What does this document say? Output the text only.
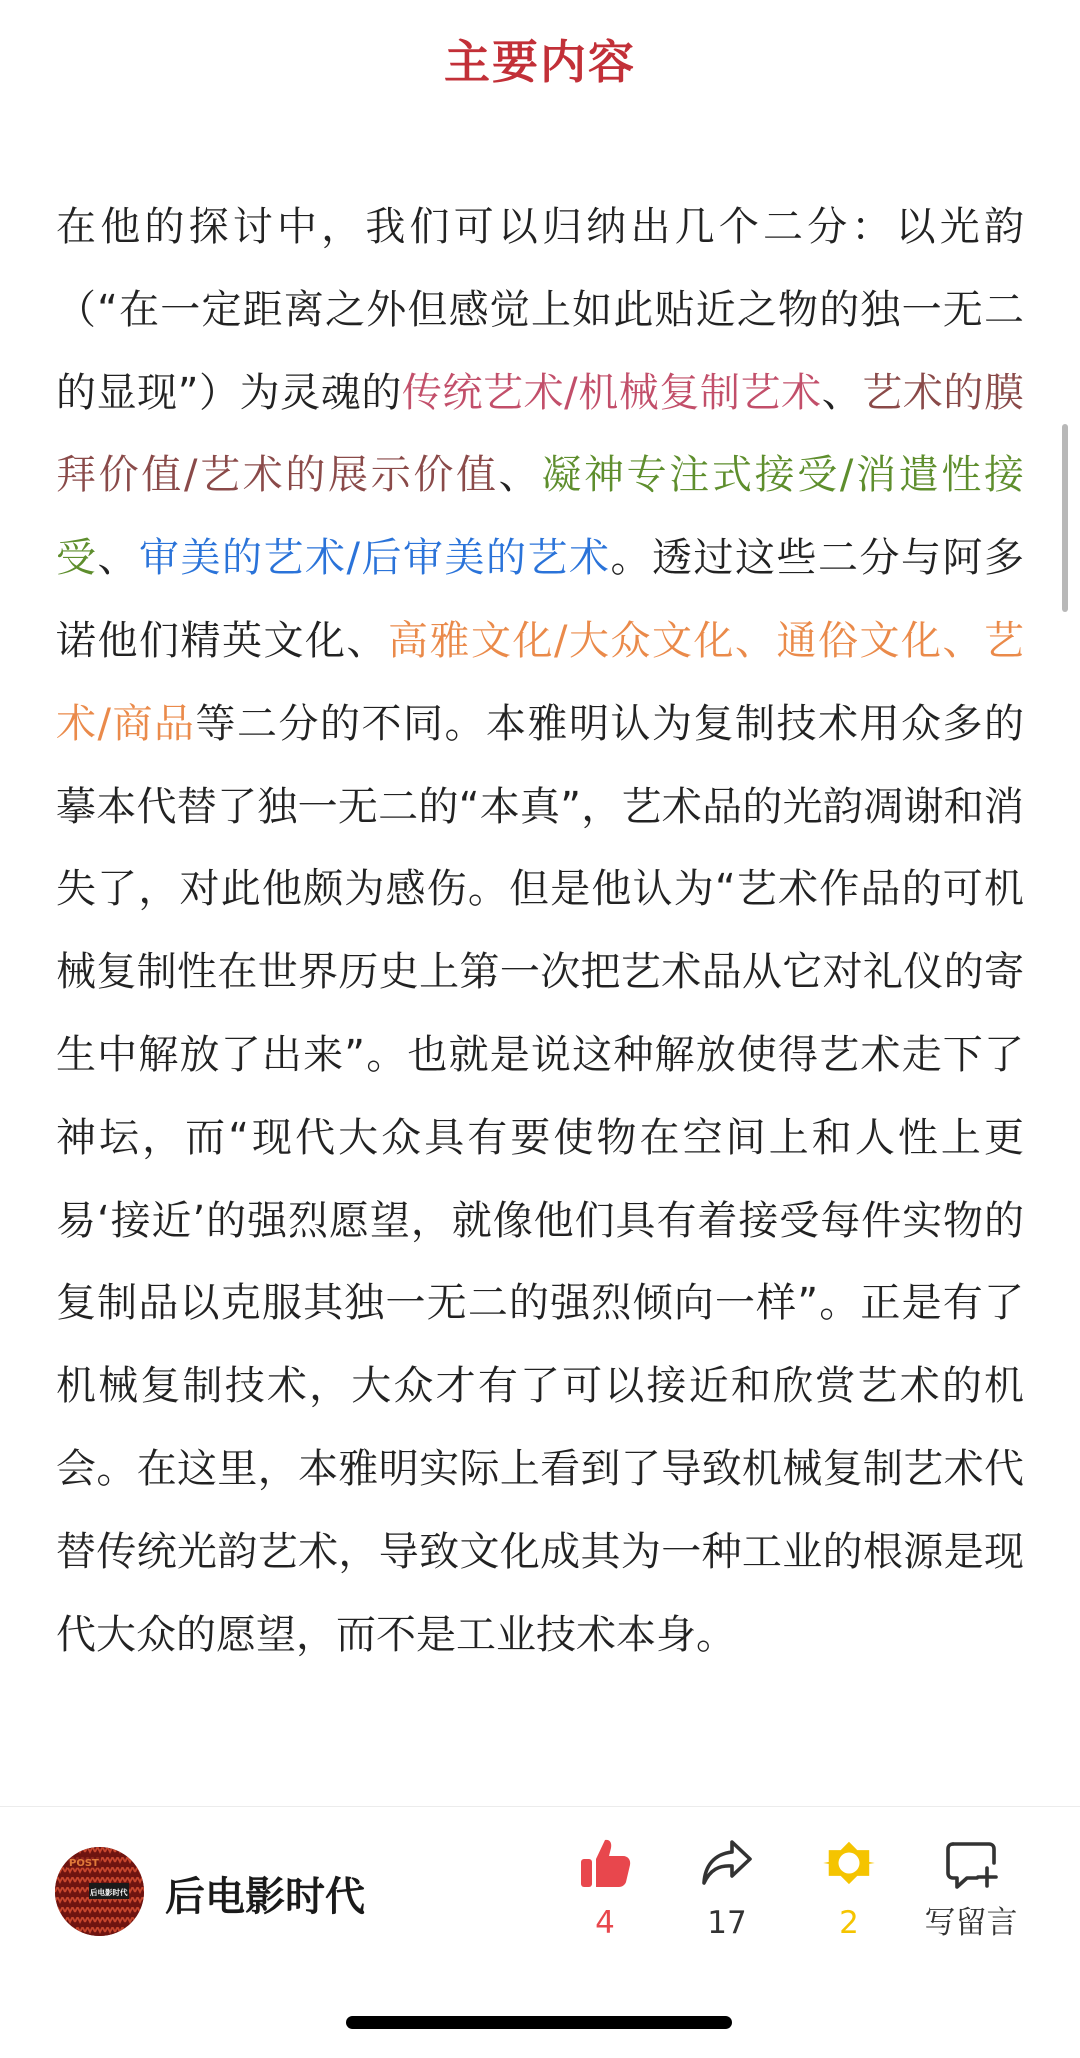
主要内容

在他的探讨中，我们可以归纳出几个二分：以光韵（“在一定距离之外但感觉上如此贴近之物的独一无二的显现”）为灵魂的传统艺术/机械复制艺术、艺术的膜拜价值/艺术的展示价值、凝神专注式接受/消遣性接受、审美的艺术/后审美的艺术。透过这些二分与阿多诺他们精英文化、高雅文化/大众文化、通俗文化、艺术/商品等二分的不同。本雅明认为复制技术用众多的摹本代替了独一无二的“本真”，艺术品的光韵凋谢和消失了，对此他颇为感伤。但是他认为“艺术作品的可机械复制性在世界历史上第一次把艺术品从它对礼仪的寄生中解放了出来”。也就是说这种解放使得艺术走下了神坛，而“现代大众具有要使物在空间上和人性上更易‘接近’的强烈愿望，就像他们具有着接受每件实物的复制品以克服其独一无二的强烈倾向一样”。正是有了机械复制技术，大众才有了可以接近和欣赏艺术的机会。在这里，本雅明实际上看到了导致机械复制艺术代替传统光韵艺术，导致文化成其为一种工业的根源是现代大众的愿望，而不是工业技术本身。

POST
后电影时代 后电影时代
4	17	2	写留言
